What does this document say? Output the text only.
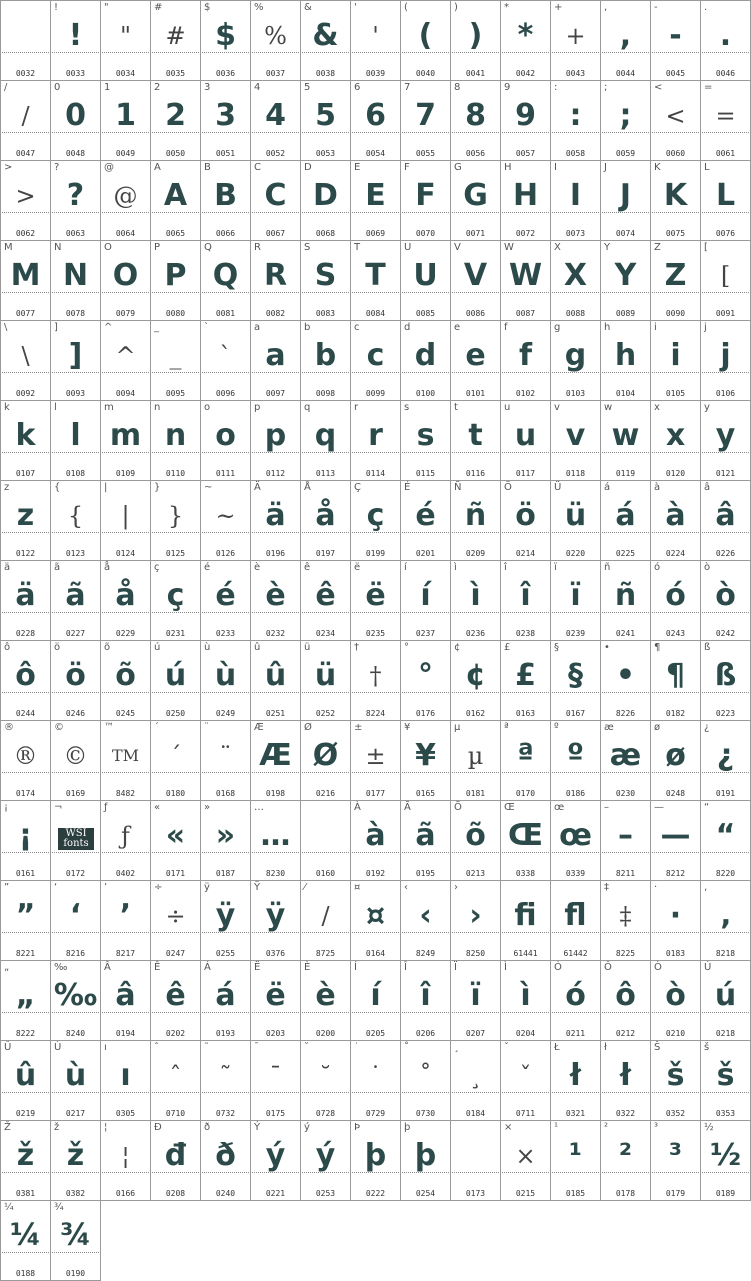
0032
!
!
0033
"
"
0034
#
#
0035
$
$
0036
%
%
0037
&
&
0038
'
'
0039
(
(
0040
)
)
0041
*
*
0042
+
+
0043
,
,
0044
-
-
0045
.
.
0046
/
/
0047
0
0
0048
1
1
0049
2
2
0050
3
3
0051
4
4
0052
5
5
0053
6
6
0054
7
7
0055
8
8
0056
9
9
0057
:
:
0058
;
;
0059
<
<
0060
=
=
0061
>
>
0062
?
?
0063
@
@
0064
A
A
0065
B
B
0066
C
C
0067
D
D
0068
E
E
0069
F
F
0070
G
G
0071
H
H
0072
I
I
0073
J
J
0074
K
K
0075
L
L
0076
M
M
0077
N
N
0078
O
O
0079
P
P
0080
Q
Q
0081
R
R
0082
S
S
0083
T
T
0084
U
U
0085
V
V
0086
W
W
0087
X
X
0088
Y
Y
0089
Z
Z
0090
[
[
0091
\
\
0092
]
]
0093
^
^
0094
_
_
0095
`
`
0096
a
a
0097
b
b
0098
c
c
0099
d
d
0100
e
e
0101
f
f
0102
g
g
0103
h
h
0104
i
i
0105
j
j
0106
k
k
0107
l
l
0108
m
m
0109
n
n
0110
o
o
0111
p
p
0112
q
q
0113
r
r
0114
s
s
0115
t
t
0116
u
u
0117
v
v
0118
w
w
0119
x
x
0120
y
y
0121
z
z
0122
{
{
0123
|
|
0124
}
}
0125
~
~
0126
Ä
ä
0196
Å
å
0197
Ç
ç
0199
É
é
0201
Ñ
ñ
0209
Ö
ö
0214
Ü
ü
0220
á
á
0225
à
à
0224
â
â
0226
ä
ä
0228
ã
ã
0227
å
å
0229
ç
ç
0231
é
é
0233
è
è
0232
ê
ê
0234
ë
ë
0235
í
í
0237
ì
ì
0236
î
î
0238
ï
ï
0239
ñ
ñ
0241
ó
ó
0243
ò
ò
0242
ô
ô
0244
ö
ö
0246
õ
õ
0245
ú
ú
0250
ù
ù
0249
û
û
0251
ü
ü
0252
†
†
8224
°
°
0176
¢
¢
0162
£
£
0163
§
§
0167
•
•
8226
¶
¶
0182
ß
ß
0223
®
®
0174
©
©
0169
™
TM
8482
´
´
0180
¨
¨
0168
Æ
Æ
0198
Ø
Ø
0216
±
±
0177
¥
¥
0165
µ
µ
0181
ª
ª
0170
º
º
0186
æ
æ
0230
ø
ø
0248
¿
¿
0191
¡
¡
0161
¬
WSI fonts
0172
ƒ
ƒ
0402
«
«
0171
»
»
0187
…
…
8230	0160
À
à
0192
Ã
ã
0195
Õ
õ
0213
Œ
Œ
0338
œ
œ
0339
–
–
8211
—
—
8212
“
“
8220
”
”
8221
‘
‘
8216
’
’
8217
÷
÷
0247
ÿ
ÿ
0255
Ÿ
ÿ
0376
⁄
/
8725
¤
¤
0164
‹
‹
8249
›
›
8250
fi
61441
fl
61442
‡
‡
8225
·
·
0183
‚
‚
8218
„
„
8222
‰
‰
8240
Â
â
0194
Ê
ê
0202
Á
á
0193
Ë
ë
0203
È
è
0200
Í
í
0205
Î
î
0206
Ï
ï
0207
Ì
ì
0204
Ó
ó
0211
Ô
ô
0212
Ò
ò
0210
Ú
ú
0218
Û
û
0219
Ù
ù
0217
ı
ı
0305
ˆ
ˆ
0710
˜
˜
0732
¯
¯
0175
˘
˘
0728
˙
˙
0729
˚
˚
0730
¸
¸
0184
ˇ
ˇ
0711
Ł
ł
0321
ł
ł
0322
Š
š
0352
š
š
0353
Ž
ž
0381
ž
ž
0382
¦
¦
0166
Đ
đ
0208
ð
ð
0240
Ý
ý
0221
ý
ý
0253
Þ
þ
0222
þ
þ
0254	0173
×
×
0215
¹
¹
0185
²
²
0178
³
³
0179
½
½
0189
¼
¼
0188
¾
¾
0190
